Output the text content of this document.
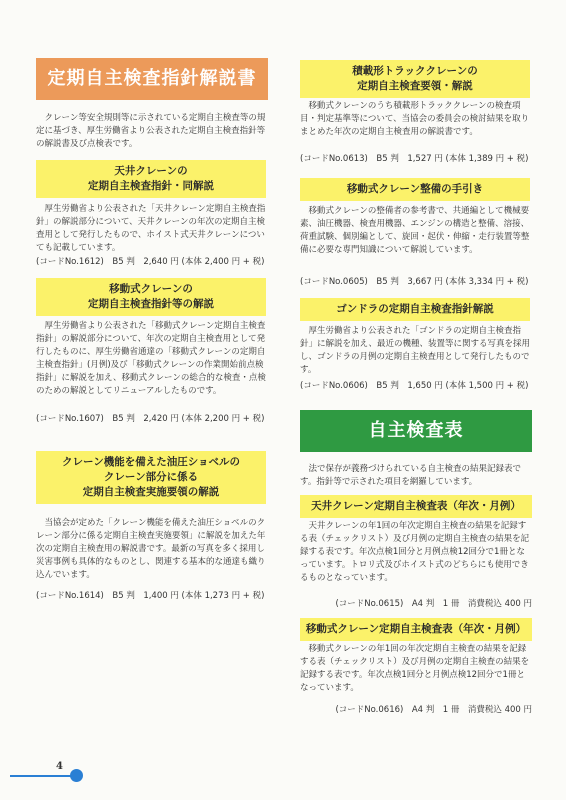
定期自主検査指針解説書

クレーン等安全規則等に示されている定期自主検査等の規定に基づき、厚生労働省より公表された定期自主検査指針等の解説書及び点検表です。

天井クレーンの
定期自主検査指針・同解説

厚生労働省より公表された「天井クレーン定期自主検査指針」の解説部分について、天井クレーンの年次の定期自主検査用として発行したもので、ホイスト式天井クレーンについても記載しています。

(コードNo.1612)　B5 判　2,640 円 (本体 2,400 円 + 税)

移動式クレーンの
定期自主検査指針等の解説

厚生労働省より公表された「移動式クレーン定期自主検査指針」の解説部分について、年次の定期自主検査用として発行したものに、厚生労働省通達の「移動式クレーンの定期自主検査指針」(月例)及び「移動式クレーンの作業開始前点検 指針」に解説を加え、移動式クレーンの総合的な検査・点検のための解説としてリニューアルしたものです。

(コードNo.1607)　B5 判　2,420 円 (本体 2,200 円 + 税)

クレーン機能を備えた油圧ショベルの
クレーン部分に係る
定期自主検査実施要領の解説

当協会が定めた「クレーン機能を備えた油圧ショベルのクレーン部分に係る定期自主検査実施要領」に解説を加えた年次の定期自主検査用の解説書です。最新の写真を多く採用し災害事例も具体的なものとし、関連する基本的な通達も織り込んでいます。

(コードNo.1614)　B5 判　1,400 円 (本体 1,273 円 + 税)

積載形トラッククレーンの
定期自主検査要領・解説

移動式クレーンのうち積載形トラッククレーンの検査項目・判定基準等について、当協会の委員会の検討結果を取りまとめた年次の定期自主検査用の解説書です。

(コードNo.0613)　B5 判　1,527 円 (本体 1,389 円 + 税)

移動式クレーン整備の手引き

移動式クレーンの整備者の参考書で、共通編として機械要素、油圧機器、検査用機器、エンジンの構造と整備、溶接、荷重試験、個別編として、旋回・起伏・伸縮・走行装置等整備に必要な専門知識について解説しています。

(コードNo.0605)　B5 判　3,667 円 (本体 3,334 円 + 税)

ゴンドラの定期自主検査指針解説

厚生労働省より公表された「ゴンドラの定期自主検査指針」に解説を加え、最近の機種、装置等に関する写真を採用し、ゴンドラの月例の定期自主検査用として発行したものです。

(コードNo.0606)　B5 判　1,650 円 (本体 1,500 円 + 税)

自主検査表

法で保存が義務づけられている自主検査の結果記録表です。指針等で示された項目を網羅しています。

天井クレーン定期自主検査表（年次・月例）

天井クレーンの年1回の年次定期自主検査の結果を記録する表（チェックリスト）及び月例の定期自主検査の結果を記録する表です。年次点検1回分と月例点検12回分で1冊となっています。トロリ式及びホイスト式のどちらにも使用できるものとなっています。

(コードNo.0615)　A4 判　1 冊　消費税込 400 円

移動式クレーン定期自主検査表（年次・月例）

移動式クレーンの年1回の年次定期自主検査の結果を記録する表（チェックリスト）及び月例の定期自主検査の結果を記録する表です。年次点検1回分と月例点検12回分で1冊となっています。

(コードNo.0616)　A4 判　1 冊　消費税込 400 円

4
